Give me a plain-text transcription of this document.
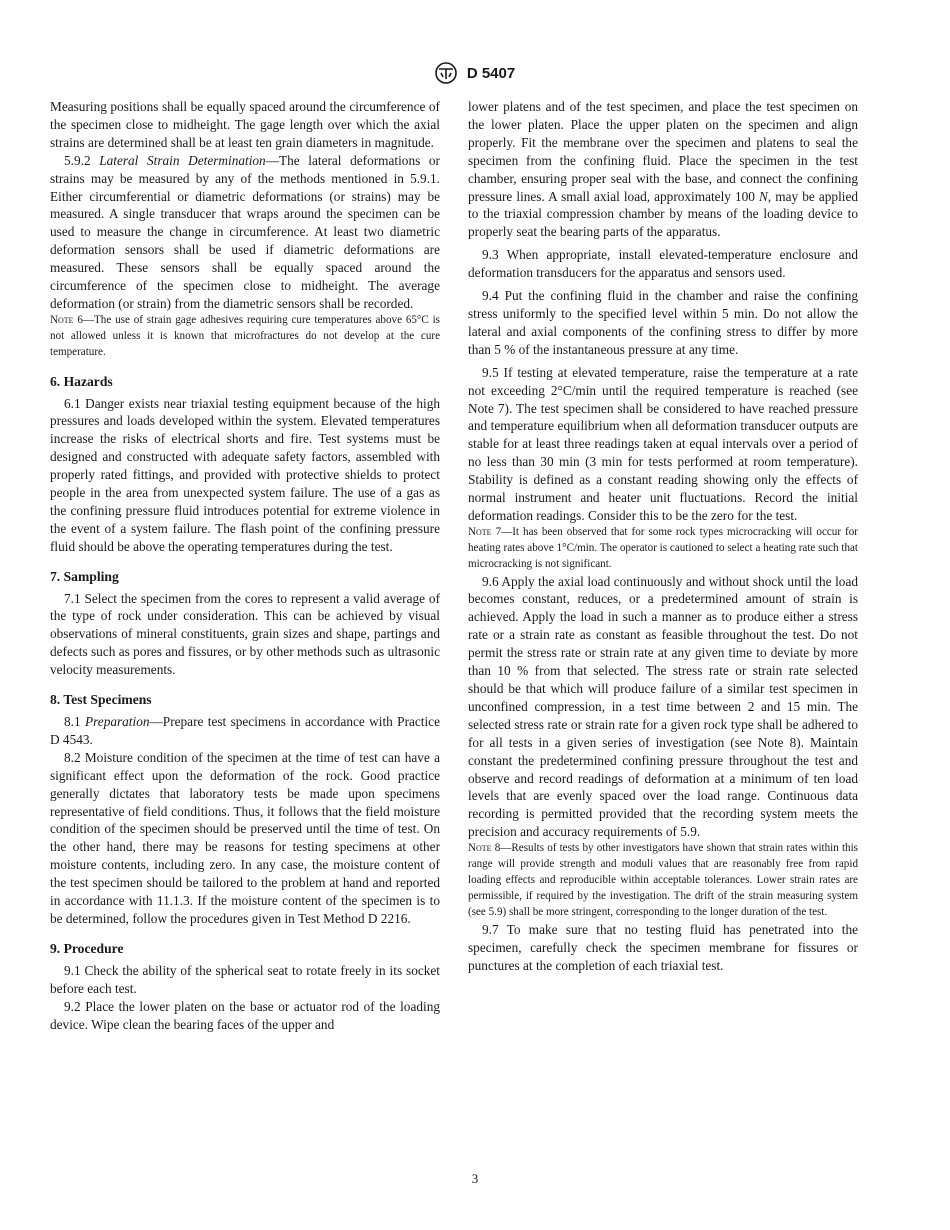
D 5407

Measuring positions shall be equally spaced around the circumference of the specimen close to midheight. The gage length over which the axial strains are determined shall be at least ten grain diameters in magnitude.

5.9.2 Lateral Strain Determination—The lateral deformations or strains may be measured by any of the methods mentioned in 5.9.1. Either circumferential or diametric deformations (or strains) may be measured. A single transducer that wraps around the specimen can be used to measure the change in circumference. At least two diametric deformation sensors shall be used if diametric deformations are measured. These sensors shall be equally spaced around the circumference of the specimen close to midheight. The average deformation (or strain) from the diametric sensors shall be recorded.

Note 6—The use of strain gage adhesives requiring cure temperatures above 65°C is not allowed unless it is known that microfractures do not develop at the cure temperature.

6. Hazards

6.1 Danger exists near triaxial testing equipment because of the high pressures and loads developed within the system. Elevated temperatures increase the risks of electrical shorts and fire. Test systems must be designed and constructed with adequate safety factors, assembled with properly rated fittings, and provided with protective shields to protect people in the area from unexpected system failure. The use of a gas as the confining pressure fluid introduces potential for extreme violence in the event of a system failure. The flash point of the confining pressure fluid should be above the operating temperatures during the test.

7. Sampling

7.1 Select the specimen from the cores to represent a valid average of the type of rock under consideration. This can be achieved by visual observations of mineral constituents, grain sizes and shape, partings and defects such as pores and fissures, or by other methods such as ultrasonic velocity measurements.

8. Test Specimens

8.1 Preparation—Prepare test specimens in accordance with Practice D 4543.

8.2 Moisture condition of the specimen at the time of test can have a significant effect upon the deformation of the rock. Good practice generally dictates that laboratory tests be made upon specimens representative of field conditions. Thus, it follows that the field moisture condition of the specimen should be preserved until the time of test. On the other hand, there may be reasons for testing specimens at other moisture contents, including zero. In any case, the moisture content of the test specimen should be tailored to the problem at hand and reported in accordance with 11.1.3. If the moisture content of the specimen is to be determined, follow the procedures given in Test Method D 2216.

9. Procedure

9.1 Check the ability of the spherical seat to rotate freely in its socket before each test.

9.2 Place the lower platen on the base or actuator rod of the loading device. Wipe clean the bearing faces of the upper and

lower platens and of the test specimen, and place the test specimen on the lower platen. Place the upper platen on the specimen and align properly. Fit the membrane over the specimen and platens to seal the specimen from the confining fluid. Place the specimen in the test chamber, ensuring proper seal with the base, and connect the confining pressure lines. A small axial load, approximately 100 N, may be applied to the triaxial compression chamber by means of the loading device to properly seat the bearing parts of the apparatus.

9.3 When appropriate, install elevated-temperature enclosure and deformation transducers for the apparatus and sensors used.

9.4 Put the confining fluid in the chamber and raise the confining stress uniformly to the specified level within 5 min. Do not allow the lateral and axial components of the confining stress to differ by more than 5 % of the instantaneous pressure at any time.

9.5 If testing at elevated temperature, raise the temperature at a rate not exceeding 2°C/min until the required temperature is reached (see Note 7). The test specimen shall be considered to have reached pressure and temperature equilibrium when all deformation transducer outputs are stable for at least three readings taken at equal intervals over a period of no less than 30 min (3 min for tests performed at room temperature). Stability is defined as a constant reading showing only the effects of normal instrument and heater unit fluctuations. Record the initial deformation readings. Consider this to be the zero for the test.

Note 7—It has been observed that for some rock types microcracking will occur for heating rates above 1°C/min. The operator is cautioned to select a heating rate such that microcracking is not significant.

9.6 Apply the axial load continuously and without shock until the load becomes constant, reduces, or a predetermined amount of strain is achieved. Apply the load in such a manner as to produce either a stress rate or a strain rate as constant as feasible throughout the test. Do not permit the stress rate or strain rate at any given time to deviate by more than 10 % from that selected. The stress rate or strain rate selected should be that which will produce failure of a similar test specimen in unconfined compression, in a test time between 2 and 15 min. The selected stress rate or strain rate for a given rock type shall be adhered to for all tests in a given series of investigation (see Note 8). Maintain constant the predetermined confining pressure throughout the test and observe and record readings of deformation at a minimum of ten load levels that are evenly spaced over the load range. Continuous data recording is permitted provided that the recording system meets the precision and accuracy requirements of 5.9.

Note 8—Results of tests by other investigators have shown that strain rates within this range will provide strength and moduli values that are reasonably free from rapid loading effects and reproducible within acceptable tolerances. Lower strain rates are permissible, if required by the investigation. The drift of the strain measuring system (see 5.9) shall be more stringent, corresponding to the longer duration of the test.

9.7 To make sure that no testing fluid has penetrated into the specimen, carefully check the specimen membrane for fissures or punctures at the completion of each triaxial test.

3
